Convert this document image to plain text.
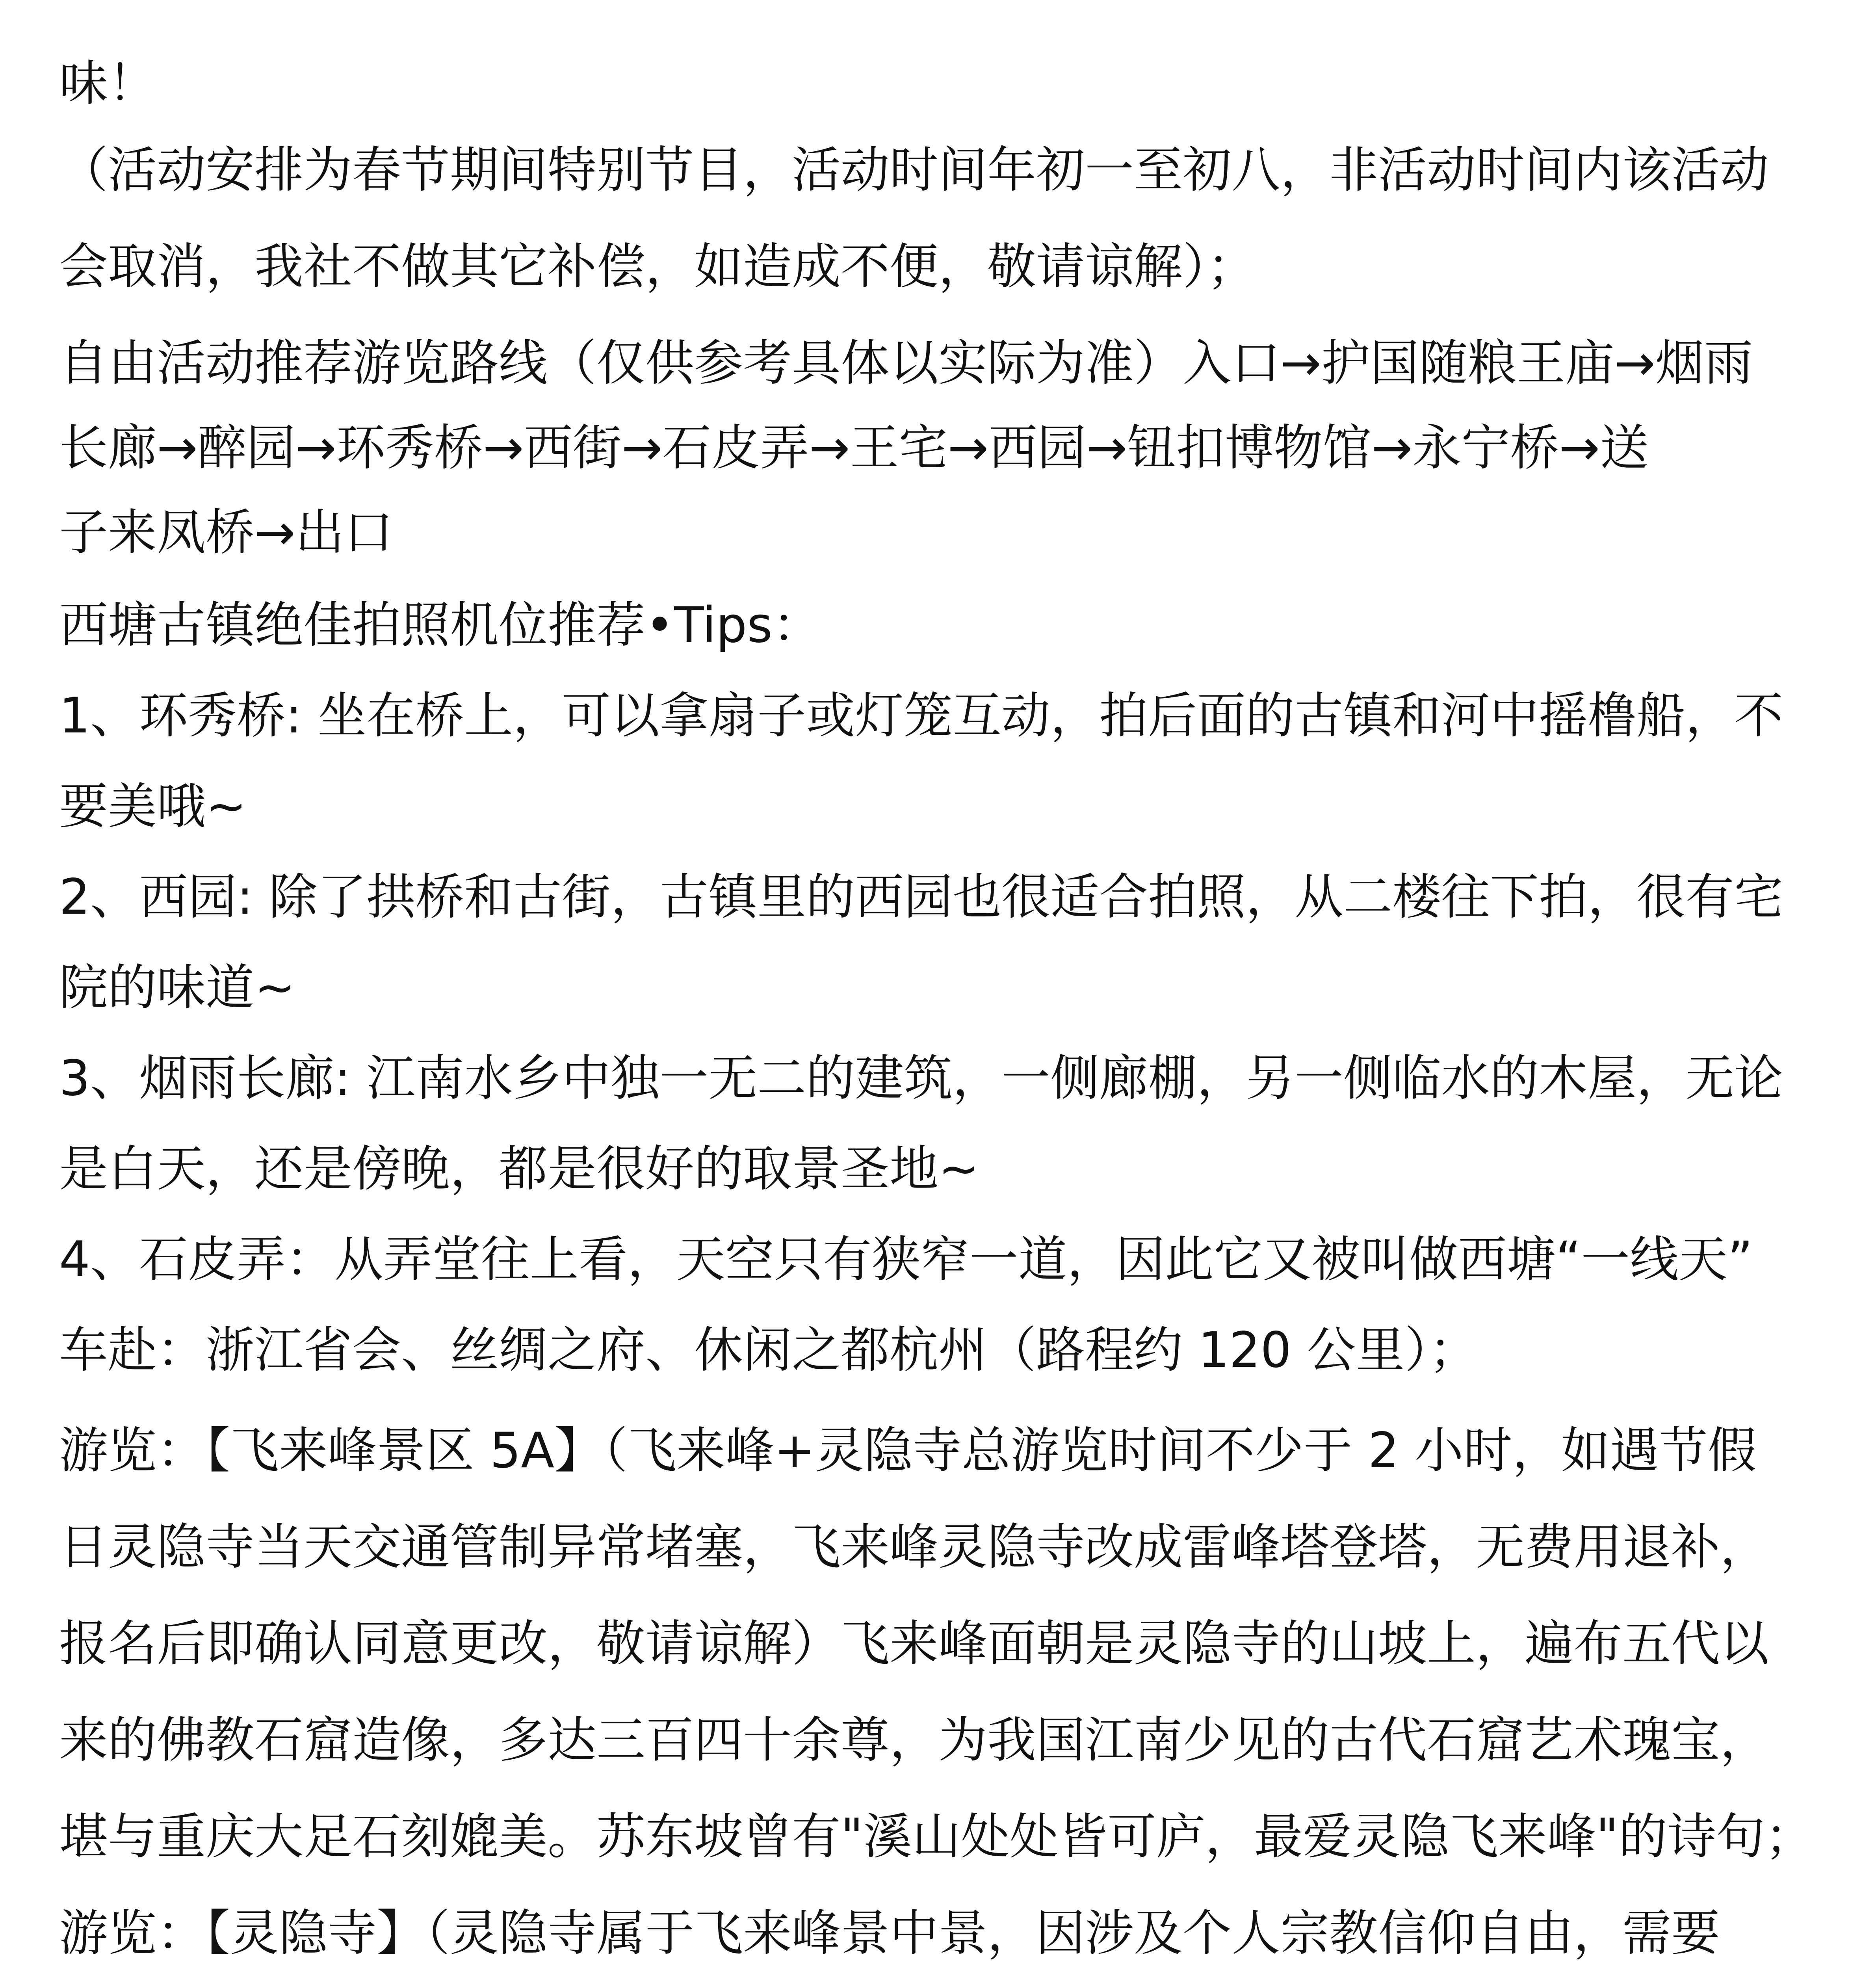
味！
（活动安排为春节期间特别节目，活动时间年初一至初八，非活动时间内该活动
会取消，我社不做其它补偿，如造成不便，敬请谅解）；
自由活动推荐游览路线（仅供参考具体以实际为准）入口→护国随粮王庙→烟雨
长廊→醉园→环秀桥→西街→石皮弄→王宅→西园→钮扣博物馆→永宁桥→送
子来凤桥→出口
西塘古镇绝佳拍照机位推荐•Tips：
1、环秀桥: 坐在桥上，可以拿扇子或灯笼互动，拍后面的古镇和河中摇橹船，不
要美哦~
2、西园: 除了拱桥和古街，古镇里的西园也很适合拍照，从二楼往下拍，很有宅
院的味道~
3、烟雨长廊: 江南水乡中独一无二的建筑，一侧廊棚，另一侧临水的木屋，无论
是白天，还是傍晚，都是很好的取景圣地~
4、石皮弄：从弄堂往上看，天空只有狭窄一道，因此它又被叫做西塘“一线天”
车赴：浙江省会、丝绸之府、休闲之都杭州（路程约 120 公里）；
游览：【飞来峰景区 5A】（飞来峰+灵隐寺总游览时间不少于 2 小时，如遇节假
日灵隐寺当天交通管制异常堵塞，飞来峰灵隐寺改成雷峰塔登塔，无费用退补，
报名后即确认同意更改，敬请谅解）飞来峰面朝是灵隐寺的山坡上，遍布五代以
来的佛教石窟造像，多达三百四十余尊，为我国江南少见的古代石窟艺术瑰宝，
堪与重庆大足石刻媲美。苏东坡曾有"溪山处处皆可庐，最爱灵隐飞来峰"的诗句；
游览：【灵隐寺】（灵隐寺属于飞来峰景中景，因涉及个人宗教信仰自由，需要
